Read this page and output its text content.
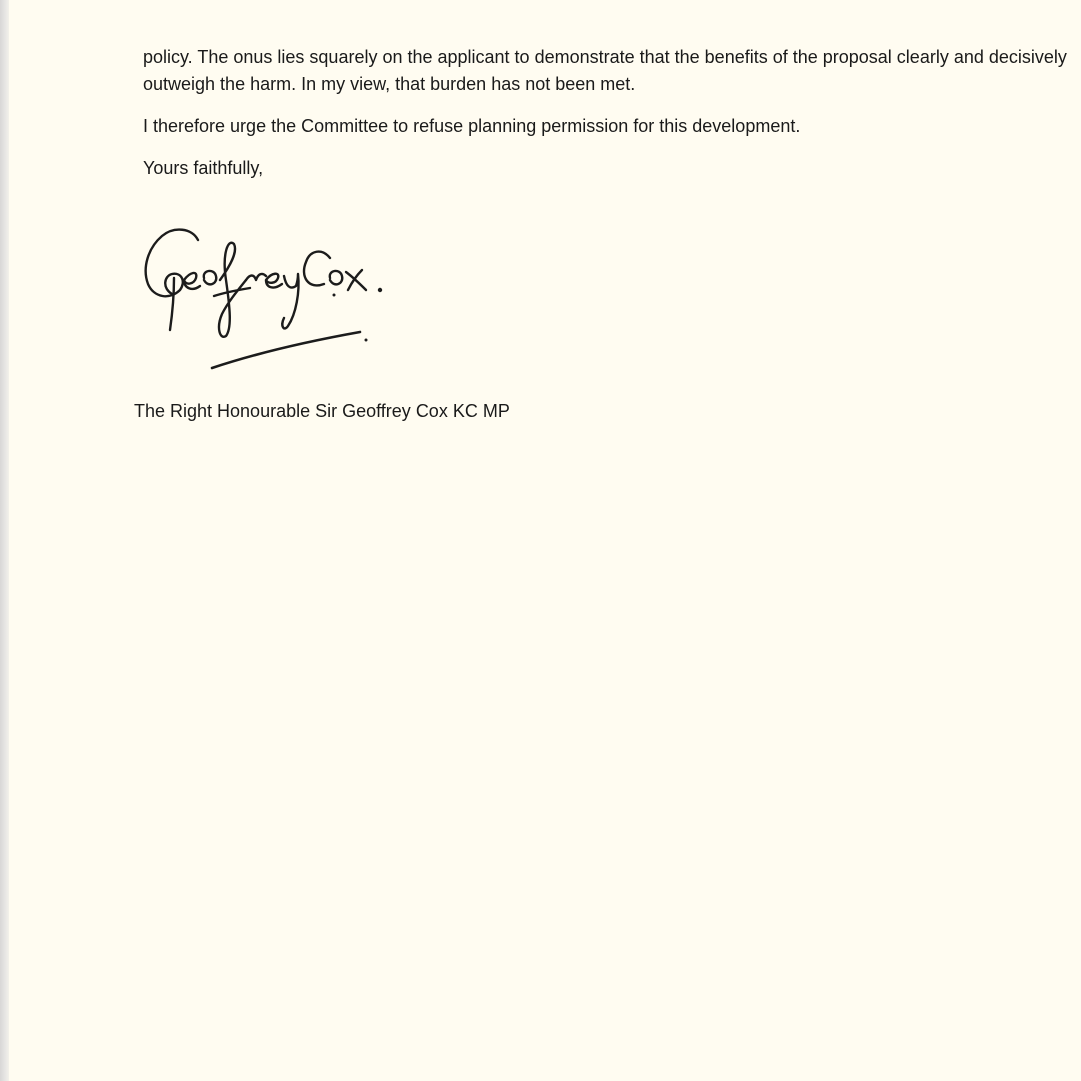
policy. The onus lies squarely on the applicant to demonstrate that the benefits of the proposal clearly and decisively outweigh the harm. In my view, that burden has not been met.

I therefore urge the Committee to refuse planning permission for this development.

Yours faithfully,

The Right Honourable Sir Geoffrey Cox KC MP
